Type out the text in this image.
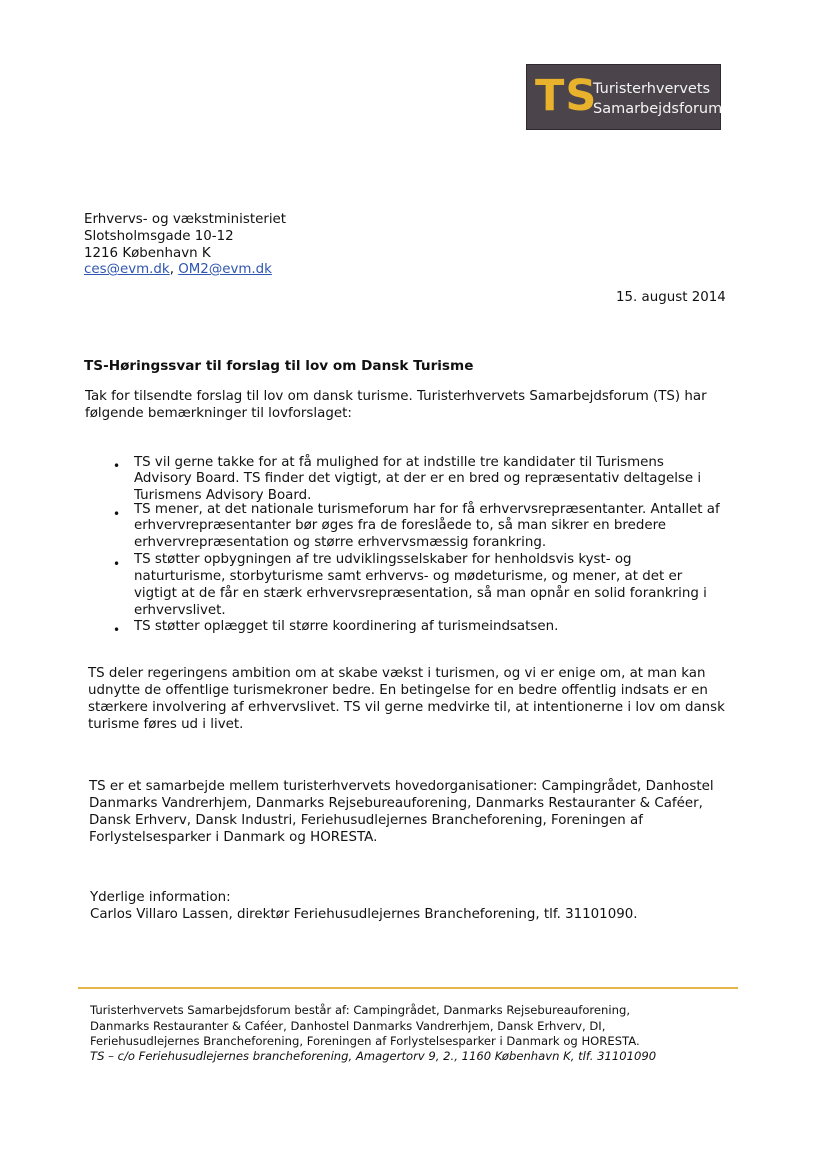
TS
Turisterhvervets
Samarbejdsforum
Erhvervs- og vækstministeriet
Slotsholmsgade 10-12
1216 København K
ces@evm.dk, OM2@evm.dk
15. august 2014
TS-Høringssvar til forslag til lov om Dansk Turisme
Tak for tilsendte forslag til lov om dansk turisme. Turisterhvervets Samarbejdsforum (TS) har
følgende bemærkninger til lovforslaget:
• TS vil gerne takke for at få mulighed for at indstille tre kandidater til Turismens
Advisory Board. TS finder det vigtigt, at der er en bred og repræsentativ deltagelse i
Turismens Advisory Board.
• TS mener, at det nationale turismeforum har for få erhvervsrepræsentanter. Antallet af
erhvervrepræsentanter bør øges fra de foreslåede to, så man sikrer en bredere
erhvervrepræsentation og større erhvervsmæssig forankring.
• TS støtter opbygningen af tre udviklingsselskaber for henholdsvis kyst- og
naturturisme, storbyturisme samt erhvervs- og mødeturisme, og mener, at det er
vigtigt at de får en stærk erhvervsrepræsentation, så man opnår en solid forankring i
erhvervslivet.
• TS støtter oplægget til større koordinering af turismeindsatsen.
TS deler regeringens ambition om at skabe vækst i turismen, og vi er enige om, at man kan
udnytte de offentlige turismekroner bedre. En betingelse for en bedre offentlig indsats er en
stærkere involvering af erhvervslivet. TS vil gerne medvirke til, at intentionerne i lov om dansk
turisme føres ud i livet.
TS er et samarbejde mellem turisterhvervets hovedorganisationer: Campingrådet, Danhostel
Danmarks Vandrerhjem, Danmarks Rejsebureauforening, Danmarks Restauranter & Caféer,
Dansk Erhverv, Dansk Industri, Feriehusudlejernes Brancheforening, Foreningen af
Forlystelsesparker i Danmark og HORESTA.
Yderlige information:
Carlos Villaro Lassen, direktør Feriehusudlejernes Brancheforening, tlf. 31101090.
Turisterhvervets Samarbejdsforum består af: Campingrådet, Danmarks Rejsebureauforening,
Danmarks Restauranter & Caféer, Danhostel Danmarks Vandrerhjem, Dansk Erhverv, DI,
Feriehusudlejernes Brancheforening, Foreningen af Forlystelsesparker i Danmark og HORESTA.
TS – c/o Feriehusudlejernes brancheforening, Amagertorv 9, 2., 1160 København K, tlf. 31101090
